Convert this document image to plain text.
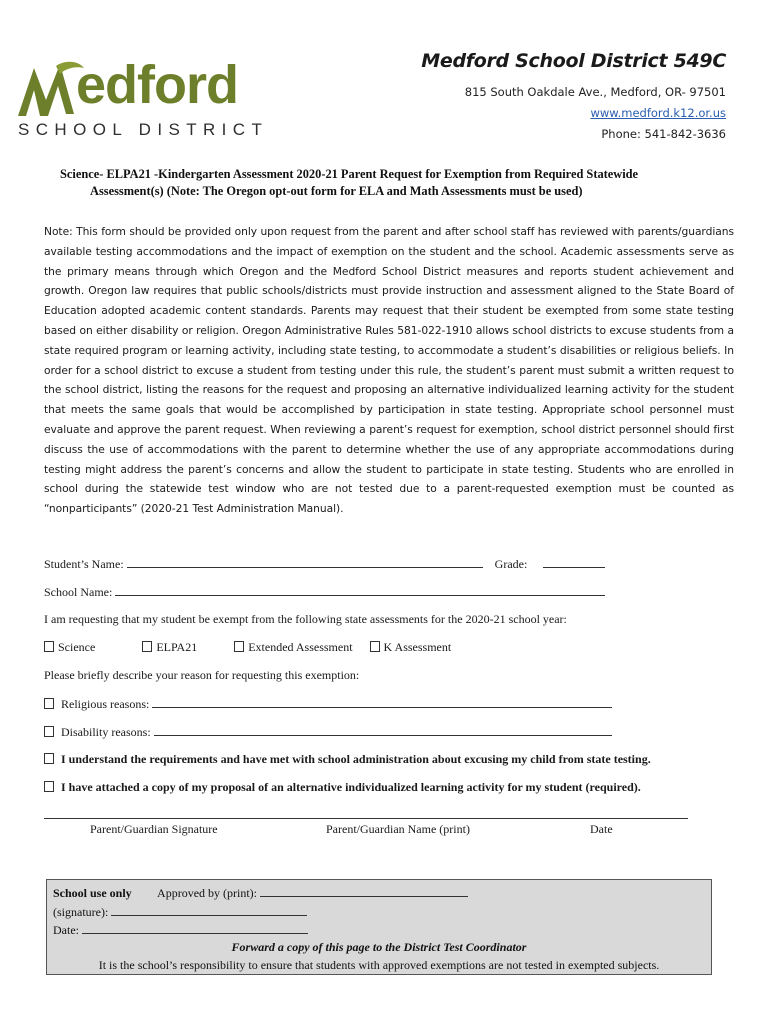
edford
SCHOOL DISTRICT
Medford School District 549C
815 South Oakdale Ave., Medford, OR- 97501
www.medford.k12.or.us
Phone: 541-842-3636
Science- ELPA21 -Kindergarten Assessment 2020-21 Parent Request for Exemption from Required Statewide
Assessment(s) (Note: The Oregon opt-out form for ELA and Math Assessments must be used)
Note: This form should be provided only upon request from the parent and after school staff has reviewed with parents/guardians available testing accommodations and the impact of exemption on the student and the school. Academic assessments serve as the primary means through which Oregon and the Medford School District measures and reports student achievement and growth. Oregon law requires that public schools/districts must provide instruction and assessment aligned to the State Board of Education adopted academic content standards. Parents may request that their student be exempted from some state testing based on either disability or religion. Oregon Administrative Rules 581-022-1910 allows school districts to excuse students from a state required program or learning activity, including state testing, to accommodate a student’s disabilities or religious beliefs. In order for a school district to excuse a student from testing under this rule, the student’s parent must submit a written request to the school district, listing the reasons for the request and proposing an alternative individualized learning activity for the student that meets the same goals that would be accomplished by participation in state testing. Appropriate school personnel must evaluate and approve the parent request. When reviewing a parent’s request for exemption, school district personnel should first discuss the use of accommodations with the parent to determine whether the use of any appropriate accommodations during testing might address the parent’s concerns and allow the student to participate in state testing. Students who are enrolled in school during the statewide test window who are not tested due to a parent-requested exemption must be counted as “nonparticipants” (2020-21 Test Administration Manual).
Student’s Name:	Grade:
School Name:
I am requesting that my student be exempt from the following state assessments for the 2020-21 school year:
Science	ELPA21	Extended Assessment	K Assessment
Please briefly describe your reason for requesting this exemption:
Religious reasons:
Disability reasons:
I understand the requirements and have met with school administration about excusing my child from state testing.
I have attached a copy of my proposal of an alternative individualized learning activity for my student (required).
Parent/Guardian Signature	Parent/Guardian Name (print)	Date
School use only Approved by (print):
(signature):
Date:
Forward a copy of this page to the District Test Coordinator
It is the school’s responsibility to ensure that students with approved exemptions are not tested in exempted subjects.
